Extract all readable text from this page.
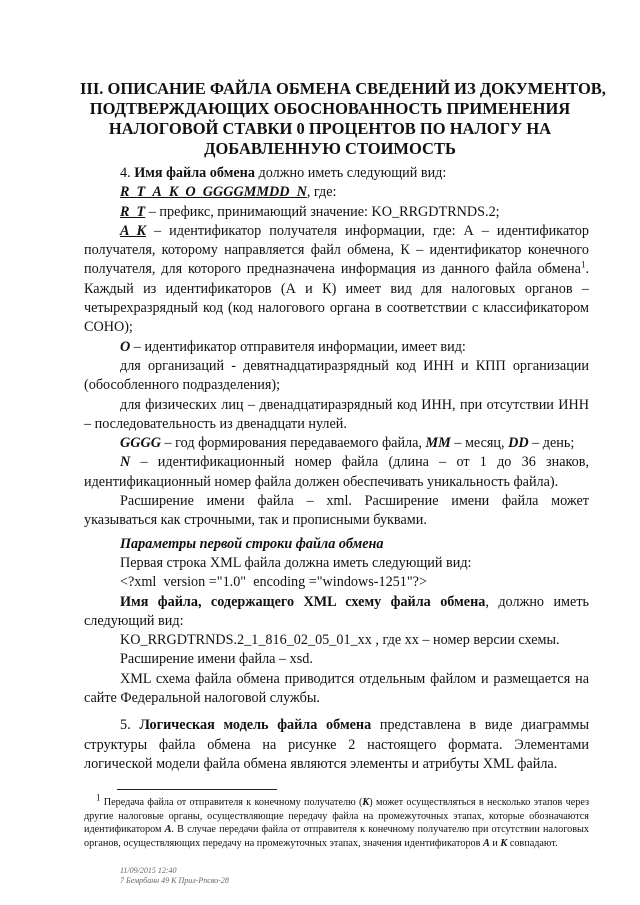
III. ОПИСАНИЕ ФАЙЛА ОБМЕНА СВЕДЕНИЙ ИЗ ДОКУМЕНТОВ,
ПОДТВЕРЖДАЮЩИХ ОБОСНОВАННОСТЬ ПРИМЕНЕНИЯ
НАЛОГОВОЙ СТАВКИ 0 ПРОЦЕНТОВ ПО НАЛОГУ НА
ДОБАВЛЕННУЮ СТОИМОСТЬ

4. Имя файла обмена должно иметь следующий вид:

R_T_A_K_O_GGGGMMDD_N, где:

R_T – префикс, принимающий значение: KO_RRGDTRNDS.2;

A_K – идентификатор получателя информации, где: А – идентификатор получателя, которому направляется файл обмена, К – идентификатор конечного получателя, для которого предназначена информация из данного файла обмена$^1$. Каждый из идентификаторов (А и К) имеет вид для налоговых органов – четырехразрядный код (код налогового органа в соответствии с классификатором СОНО);

O – идентификатор отправителя информации, имеет вид:

для организаций - девятнадцатиразрядный код ИНН и КПП организации (обособленного подразделения);

для физических лиц – двенадцатиразрядный код ИНН, при отсутствии ИНН – последовательность из двенадцати нулей.

GGGG – год формирования передаваемого файла, MM – месяц, DD – день;

N – идентификационный номер файла (длина – от 1 до 36 знаков, идентификационный номер файла должен обеспечивать уникальность файла).

Расширение имени файла – xml. Расширение имени файла может указываться как строчными, так и прописными буквами.

Параметры первой строки файла обмена

Первая строка XML файла должна иметь следующий вид:

<?xml  version ="1.0"  encoding ="windows-1251"?>

Имя файла, содержащего XML схему файла обмена, должно иметь следующий вид:

KO_RRGDTRNDS.2_1_816_02_05_01_xx , где хх – номер версии схемы.

Расширение имени файла – xsd.

XML схема файла обмена приводится отдельным файлом и размещается на сайте Федеральной налоговой службы.

5. Логическая модель файла обмена представлена в виде диаграммы структуры файла обмена на рисунке 2 настоящего формата. Элементами логической модели файла обмена являются элементы и атрибуты XML файла.

$^1$ Передача файла от отправителя к конечному получателю (К) может осуществляться в несколько этапов через другие налоговые органы, осуществляющие передачу файла на промежуточных этапах, которые обозначаются идентификатором А. В случае передачи файла от отправителя к конечному получателю при отсутствии налоговых органов, осуществляющих передачу на промежуточных этапах, значения идентификаторов А и К совпадают.
11/09/2015 12:40
7 Бемрбанн 49 К Прил-Рпсво-28
